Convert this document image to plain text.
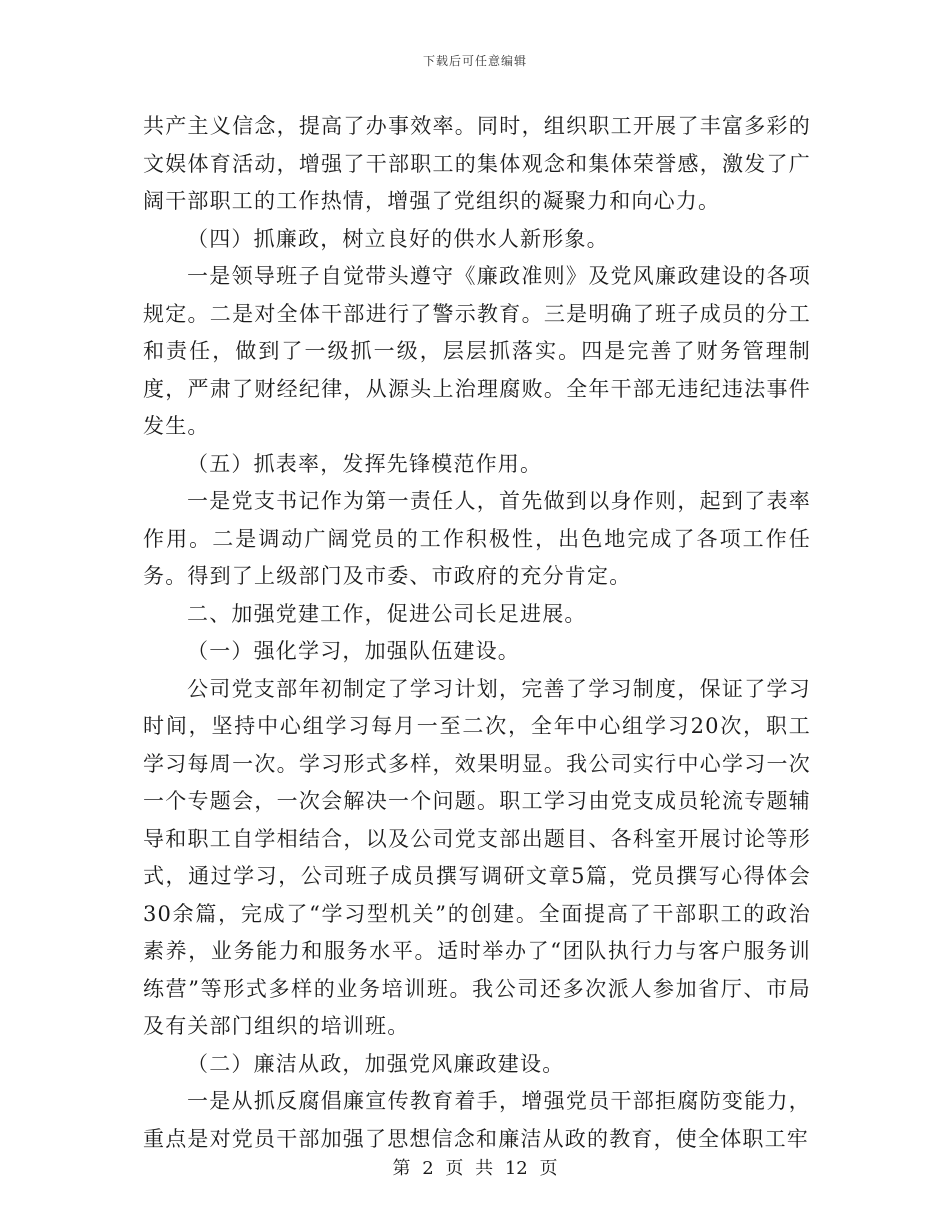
下载后可任意编辑

共产主义信念，提高了办事效率。同时，组织职工开展了丰富多彩的文娱体育活动，增强了干部职工的集体观念和集体荣誉感，激发了广阔干部职工的工作热情，增强了党组织的凝聚力和向心力。

（四）抓廉政，树立良好的供水人新形象。

一是领导班子自觉带头遵守《廉政准则》及党风廉政建设的各项规定。二是对全体干部进行了警示教育。三是明确了班子成员的分工和责任，做到了一级抓一级，层层抓落实。四是完善了财务管理制度，严肃了财经纪律，从源头上治理腐败。全年干部无违纪违法事件发生。

（五）抓表率，发挥先锋模范作用。

一是党支书记作为第一责任人，首先做到以身作则，起到了表率作用。二是调动广阔党员的工作积极性，出色地完成了各项工作任务。得到了上级部门及市委、市政府的充分肯定。

二、加强党建工作，促进公司长足进展。

（一）强化学习，加强队伍建设。

公司党支部年初制定了学习计划，完善了学习制度，保证了学习时间，坚持中心组学习每月一至二次，全年中心组学习20次，职工学习每周一次。学习形式多样，效果明显。我公司实行中心学习一次一个专题会，一次会解决一个问题。职工学习由党支成员轮流专题辅导和职工自学相结合，以及公司党支部出题目、各科室开展讨论等形式，通过学习，公司班子成员撰写调研文章5篇，党员撰写心得体会30余篇，完成了“学习型机关”的创建。全面提高了干部职工的政治素养，业务能力和服务水平。适时举办了“团队执行力与客户服务训练营”等形式多样的业务培训班。我公司还多次派人参加省厅、市局及有关部门组织的培训班。

（二）廉洁从政，加强党风廉政建设。

一是从抓反腐倡廉宣传教育着手，增强党员干部拒腐防变能力，重点是对党员干部加强了思想信念和廉洁从政的教育，使全体职工牢

第 2 页 共 12 页
